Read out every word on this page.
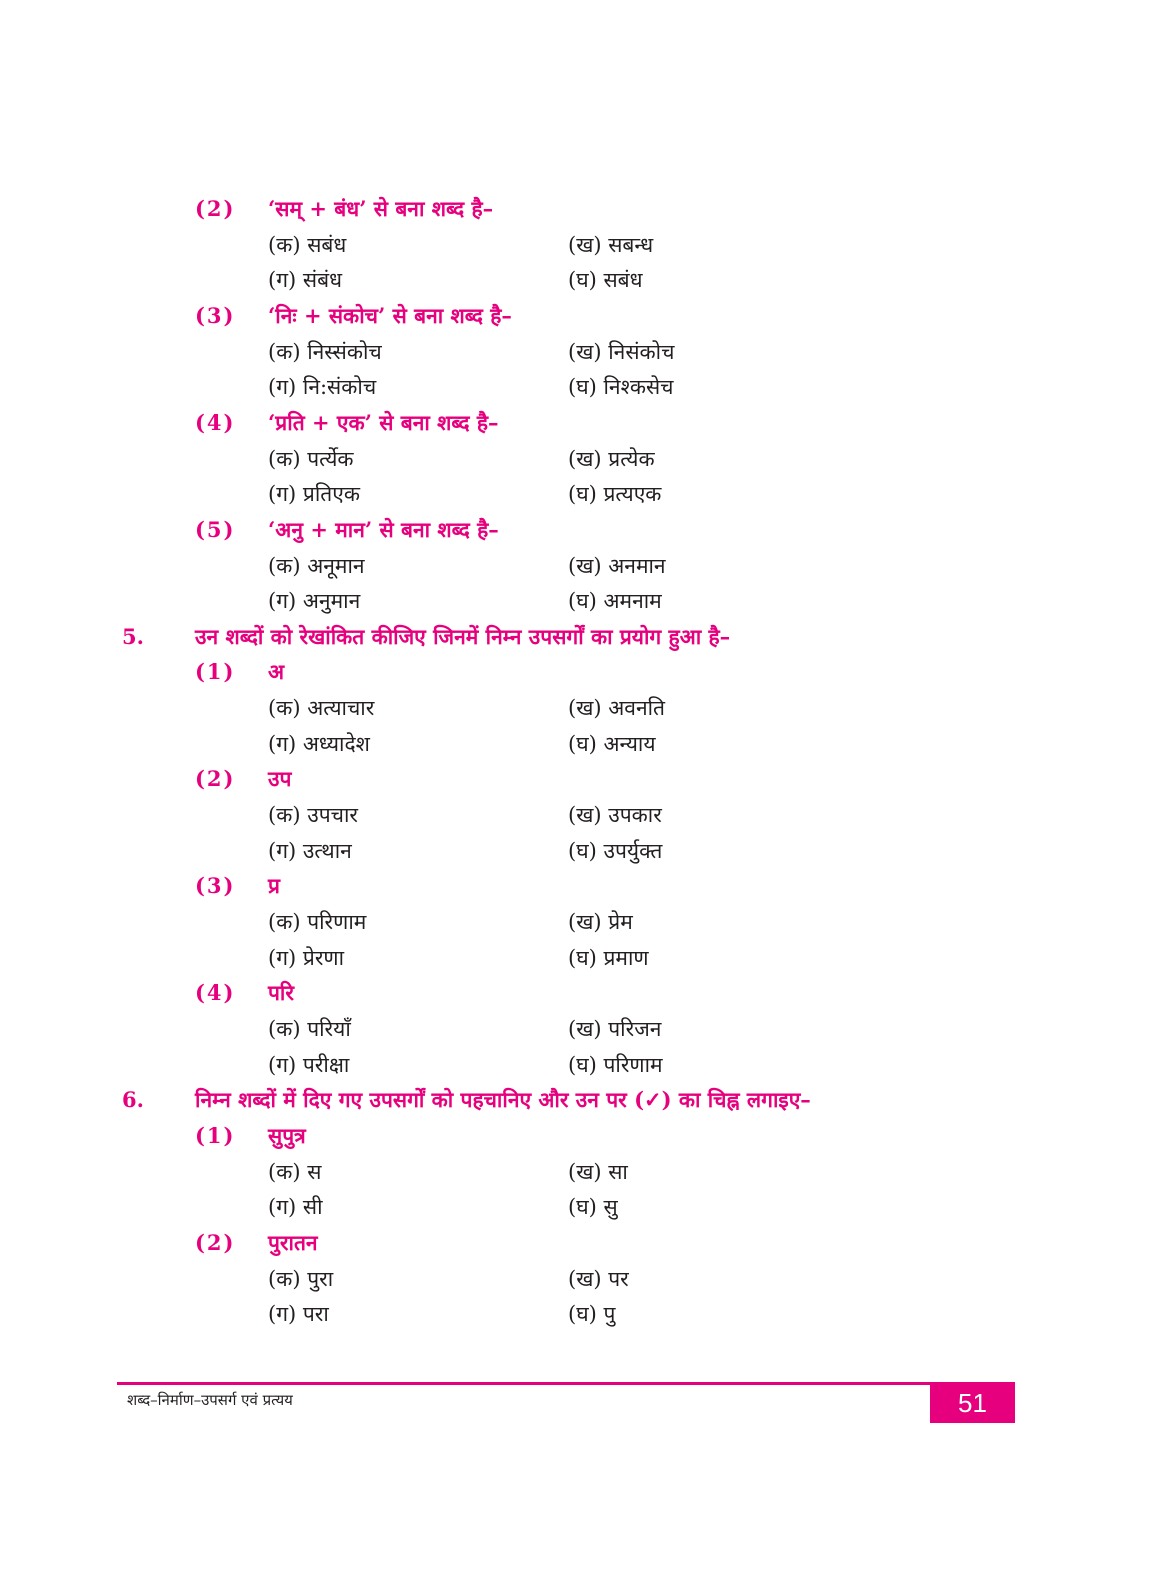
(2) ‘सम् + बंध’ से बना शब्द है–
(क) सबंध	(ख) सबन्ध
(ग) संबंध	(घ) सबंध
(3) ‘निः + संकोच’ से बना शब्द है–
(क) निस्संकोच	(ख) निसंकोच
(ग) नि:संकोच	(घ) निश्कसेच
(4) ‘प्रति + एक’ से बना शब्द है–
(क) पर्त्येक	(ख) प्रत्येक
(ग) प्रतिएक	(घ) प्रत्यएक
(5) ‘अनु + मान’ से बना शब्द है–
(क) अनूमान	(ख) अनमान
(ग) अनुमान	(घ) अमनाम
5. उन शब्दों को रेखांकित कीजिए जिनमें निम्न उपसर्गों का प्रयोग हुआ है–
(1) अ
(क) अत्याचार	(ख) अवनति
(ग) अध्यादेश	(घ) अन्याय
(2) उप
(क) उपचार	(ख) उपकार
(ग) उत्थान	(घ) उपर्युक्त
(3) प्र
(क) परिणाम	(ख) प्रेम
(ग) प्रेरणा	(घ) प्रमाण
(4) परि
(क) परियाँ	(ख) परिजन
(ग) परीक्षा	(घ) परिणाम
6. निम्न शब्दों में दिए गए उपसर्गों को पहचानिए और उन पर (✓) का चिह्न लगाइए–
(1) सुपुत्र
(क) स	(ख) सा
(ग) सी	(घ) सु
(2) पुरातन
(क) पुरा	(ख) पर
(ग) परा	(घ) पु
शब्द–निर्माण–उपसर्ग एवं प्रत्यय	51
